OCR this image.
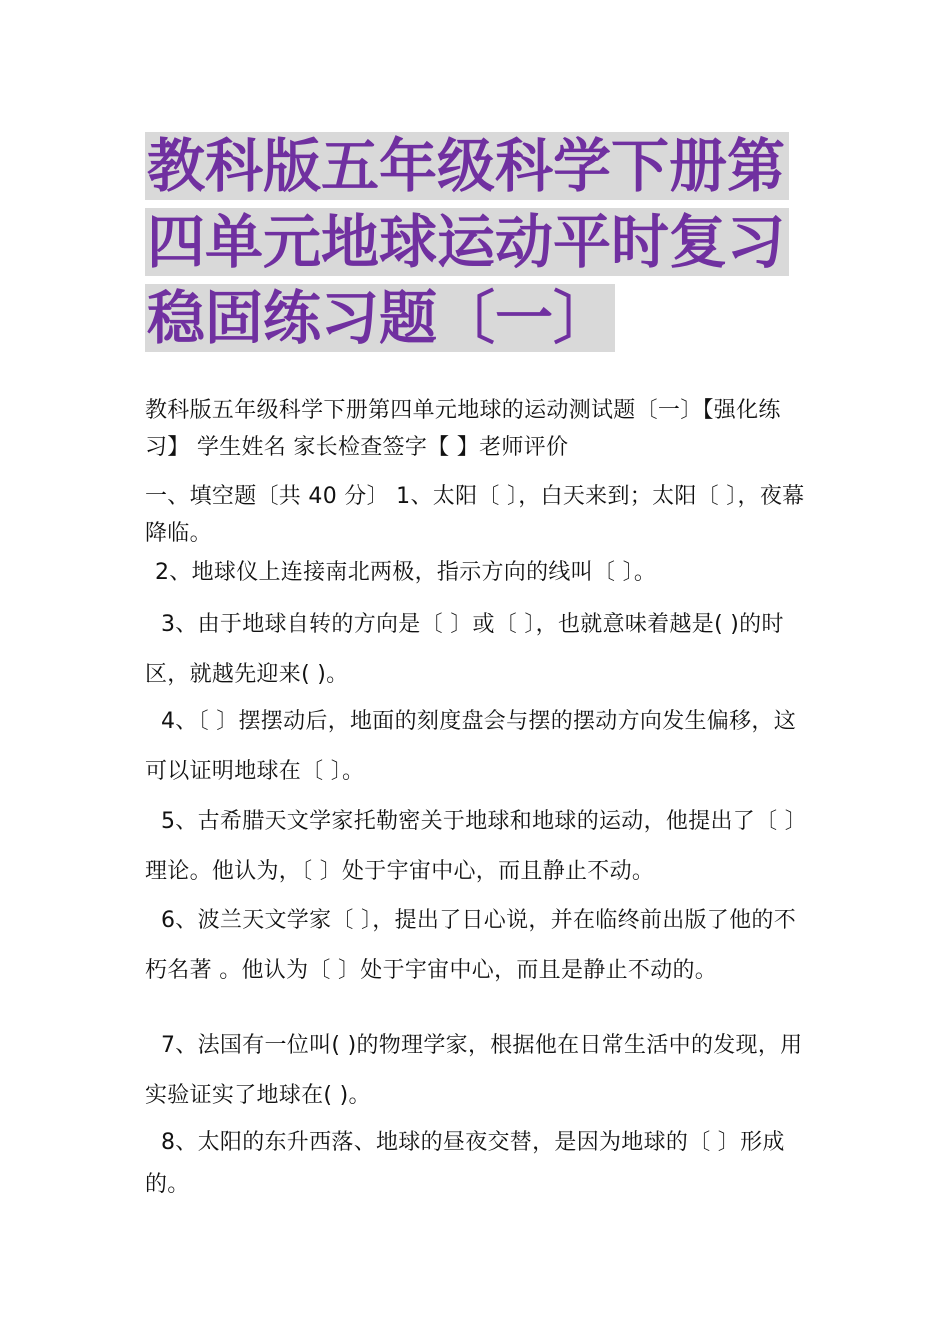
教科版五年级科学下册第四单元地球运动平时复习稳固练习题〔一〕

教科版五年级科学下册第四单元地球的运动测试题〔一〕【强化练习】 学生姓名 家长检查签字【 】老师评价

一、填空题〔共 40 分〕 1、太阳〔 〕，白天来到；太阳〔 〕，夜幕降临。

2、地球仪上连接南北两极，指示方向的线叫〔 〕。

3、由于地球自转的方向是〔 〕或〔 〕，也就意味着越是( )的时区，就越先迎来( )。

4、〔 〕摆摆动后，地面的刻度盘会与摆的摆动方向发生偏移，这可以证明地球在〔 〕。

5、古希腊天文学家托勒密关于地球和地球的运动，他提出了〔 〕理论。他认为，〔 〕处于宇宙中心，而且静止不动。

6、波兰天文学家〔 〕，提出了日心说，并在临终前出版了他的不朽名著 。他认为〔 〕处于宇宙中心，而且是静止不动的。

7、法国有一位叫( )的物理学家，根据他在日常生活中的发现，用实验证实了地球在( )。

8、太阳的东升西落、地球的昼夜交替，是因为地球的〔 〕形成的。
